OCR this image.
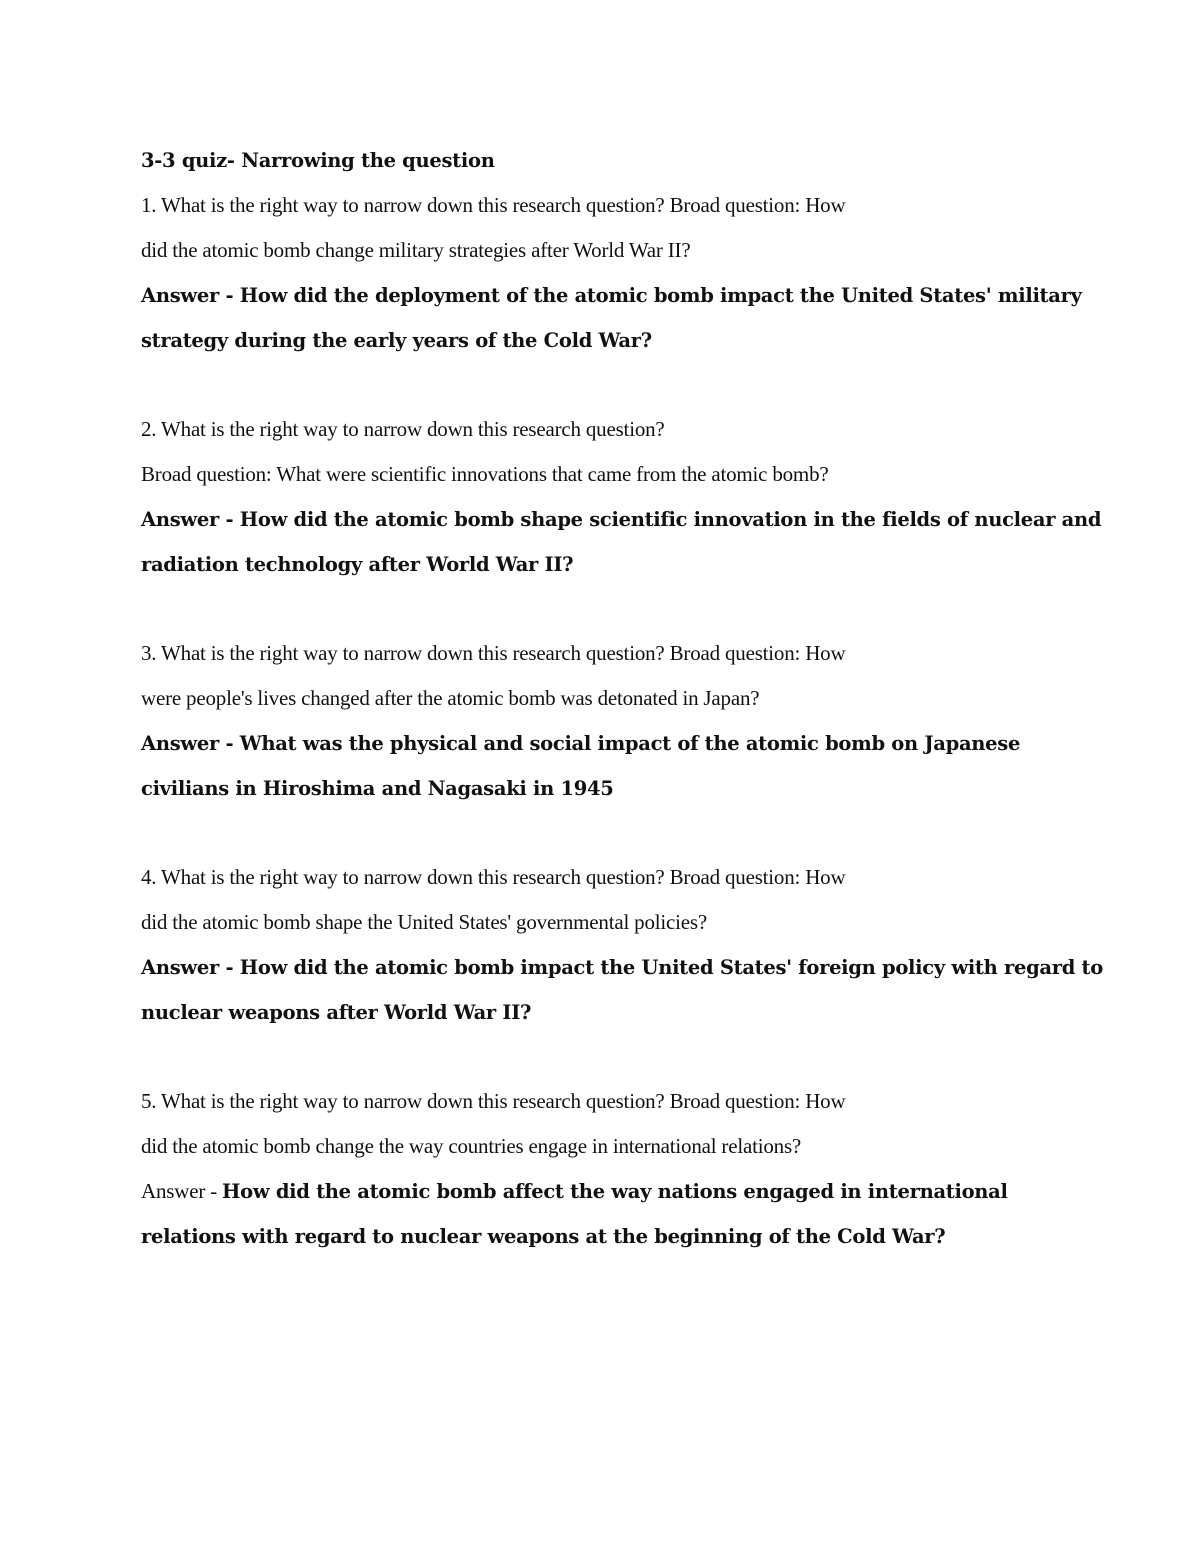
3-3 quiz- Narrowing the question
1. What is the right way to narrow down this research question? Broad question: How
did the atomic bomb change military strategies after World War II?
Answer - How did the deployment of the atomic bomb impact the United States' military
strategy during the early years of the Cold War?
2. What is the right way to narrow down this research question?
Broad question: What were scientific innovations that came from the atomic bomb?
Answer - How did the atomic bomb shape scientific innovation in the fields of nuclear and
radiation technology after World War II?
3. What is the right way to narrow down this research question? Broad question: How
were people's lives changed after the atomic bomb was detonated in Japan?
Answer - What was the physical and social impact of the atomic bomb on Japanese
civilians in Hiroshima and Nagasaki in 1945
4. What is the right way to narrow down this research question? Broad question: How
did the atomic bomb shape the United States' governmental policies?
Answer - How did the atomic bomb impact the United States' foreign policy with regard to
nuclear weapons after World War II?
5. What is the right way to narrow down this research question? Broad question: How
did the atomic bomb change the way countries engage in international relations?
Answer - How did the atomic bomb affect the way nations engaged in international
relations with regard to nuclear weapons at the beginning of the Cold War?
